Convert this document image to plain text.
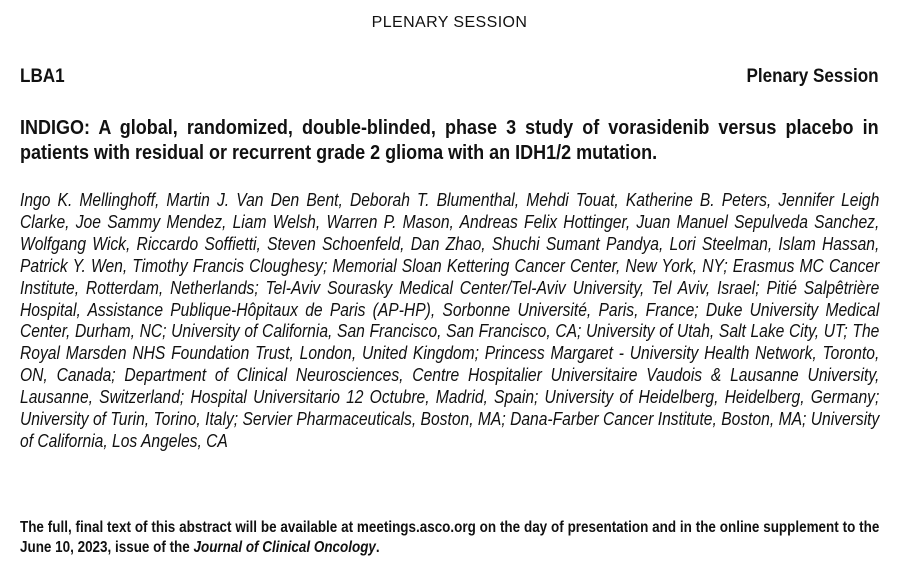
PLENARY SESSION
LBA1	Plenary Session

INDIGO: A global, randomized, double-blinded, phase 3 study of vorasidenib versus placebo in patients with residual or recurrent grade 2 glioma with an IDH1/2 mutation.

Ingo K. Mellinghoff, Martin J. Van Den Bent, Deborah T. Blumenthal, Mehdi Touat, Katherine B. Peters, Jennifer Leigh Clarke, Joe Sammy Mendez, Liam Welsh, Warren P. Mason, Andreas Felix Hottinger, Juan Manuel Sepulveda Sanchez, Wolfgang Wick, Riccardo Soffietti, Steven Schoenfeld, Dan Zhao, Shuchi Sumant Pandya, Lori Steelman, Islam Hassan, Patrick Y. Wen, Timothy Francis Cloughesy; Memorial Sloan Kettering Cancer Center, New York, NY; Erasmus MC Cancer Institute, Rotterdam, Netherlands; Tel-Aviv Sourasky Medical Center/Tel-Aviv University, Tel Aviv, Israel; Pitié Salpêtrière Hospital, Assistance Publique-Hôpitaux de Paris (AP-HP), Sorbonne Université, Paris, France; Duke University Medical Center, Durham, NC; University of California, San Francisco, San Francisco, CA; University of Utah, Salt Lake City, UT; The Royal Marsden NHS Foundation Trust, London, United Kingdom; Princess Margaret - University Health Network, Toronto, ON, Canada; Department of Clinical Neurosciences, Centre Hospitalier Universitaire Vaudois & Lausanne University, Lausanne, Switzerland; Hospital Universitario 12 Octubre, Madrid, Spain; University of Heidelberg, Heidelberg, Germany; University of Turin, Torino, Italy; Servier Pharmaceuticals, Boston, MA; Dana-Farber Cancer Institute, Boston, MA; University of California, Los Angeles, CA

The full, final text of this abstract will be available at meetings.asco.org on the day of presentation and in the online supplement to the June 10, 2023, issue of the Journal of Clinical Oncology.
